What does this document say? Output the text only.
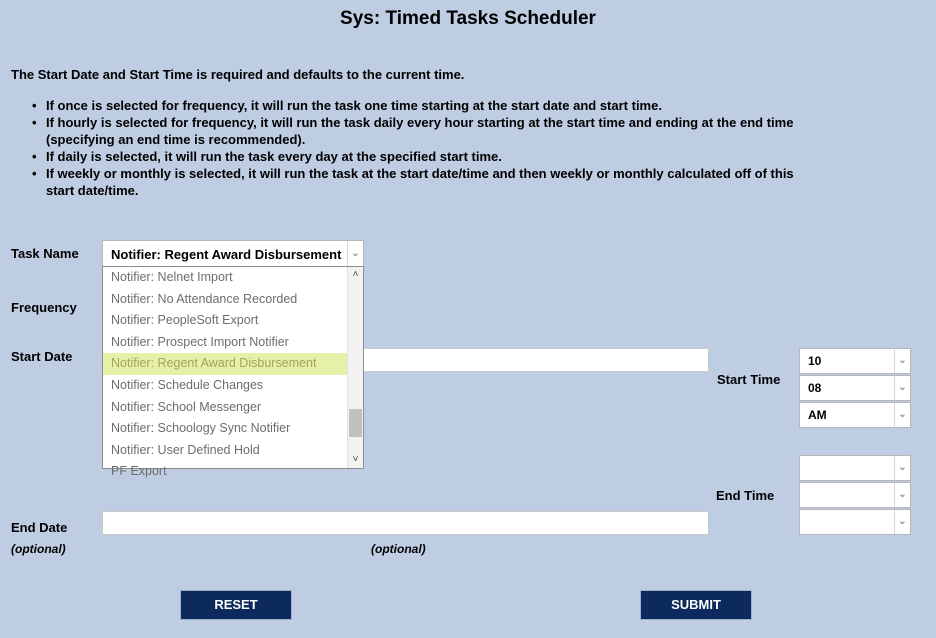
Sys: Timed Tasks Scheduler
The Start Date and Start Time is required and defaults to the current time.
• If once is selected for frequency, it will run the task one time starting at the start date and start time.
• If hourly is selected for frequency, it will run the task daily every hour starting at the start time and ending at the end time (specifying an end time is recommended).
• If daily is selected, it will run the task every day at the specified start time.
• If weekly or monthly is selected, it will run the task at the start date/time and then weekly or monthly calculated off of this start date/time.
Task Name Notifier: Regent Award Disbursement ⌄
Frequency
Start Date
Start Time
10	⌄
08	⌄
AM	⌄
End Time
⌄
⌄
⌄
End Date
(optional)	(optional)
RESET	SUBMIT
Notifier: Nelnet Import
Notifier: No Attendance Recorded
Notifier: PeopleSoft Export
Notifier: Prospect Import Notifier
Notifier: Regent Award Disbursement
Notifier: Schedule Changes
Notifier: School Messenger
Notifier: Schoology Sync Notifier
Notifier: User Defined Hold
PF Export
˄
˅
